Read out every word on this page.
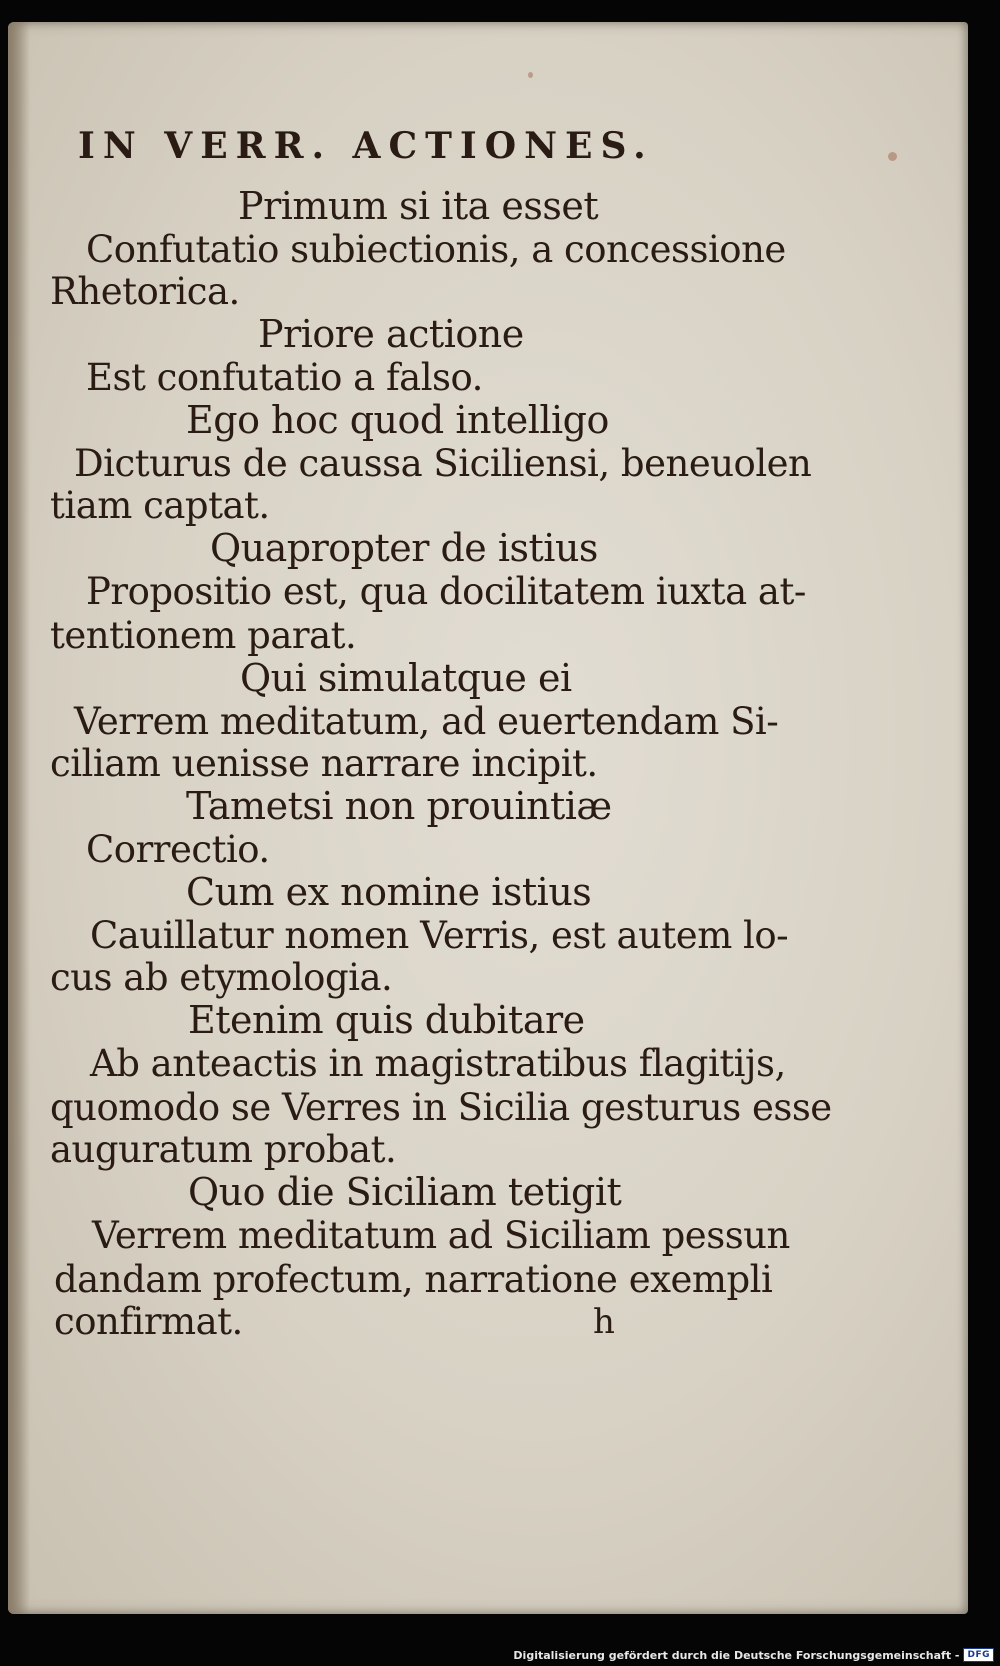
IN VERR. ACTIONES.
Primum si ita esset
Confutatio subiectionis, a concessione
Rhetorica.
Priore actione
Est confutatio a falso.
Ego hoc quod intelligo
Dicturus de caussa Siciliensi, beneuolen
tiam captat.
Quapropter de istius
Propositio est, qua docilitatem iuxta at-
tentionem parat.
Qui simulatque ei
Verrem meditatum, ad euertendam Si-
ciliam uenisse narrare incipit.
Tametsi non prouintiæ
Correctio.
Cum ex nomine istius
Cauillatur nomen Verris, est autem lo-
cus ab etymologia.
Etenim quis dubitare
Ab anteactis in magistratibus flagitijs,
quomodo se Verres in Sicilia gesturus esse
auguratum probat.
Quo die Siciliam tetigit
Verrem meditatum ad Siciliam pessun
dandam profectum, narratione exempli
confirmat.	h
Digitalisierung gefördert durch die Deutsche Forschungsgemeinschaft - DFG
